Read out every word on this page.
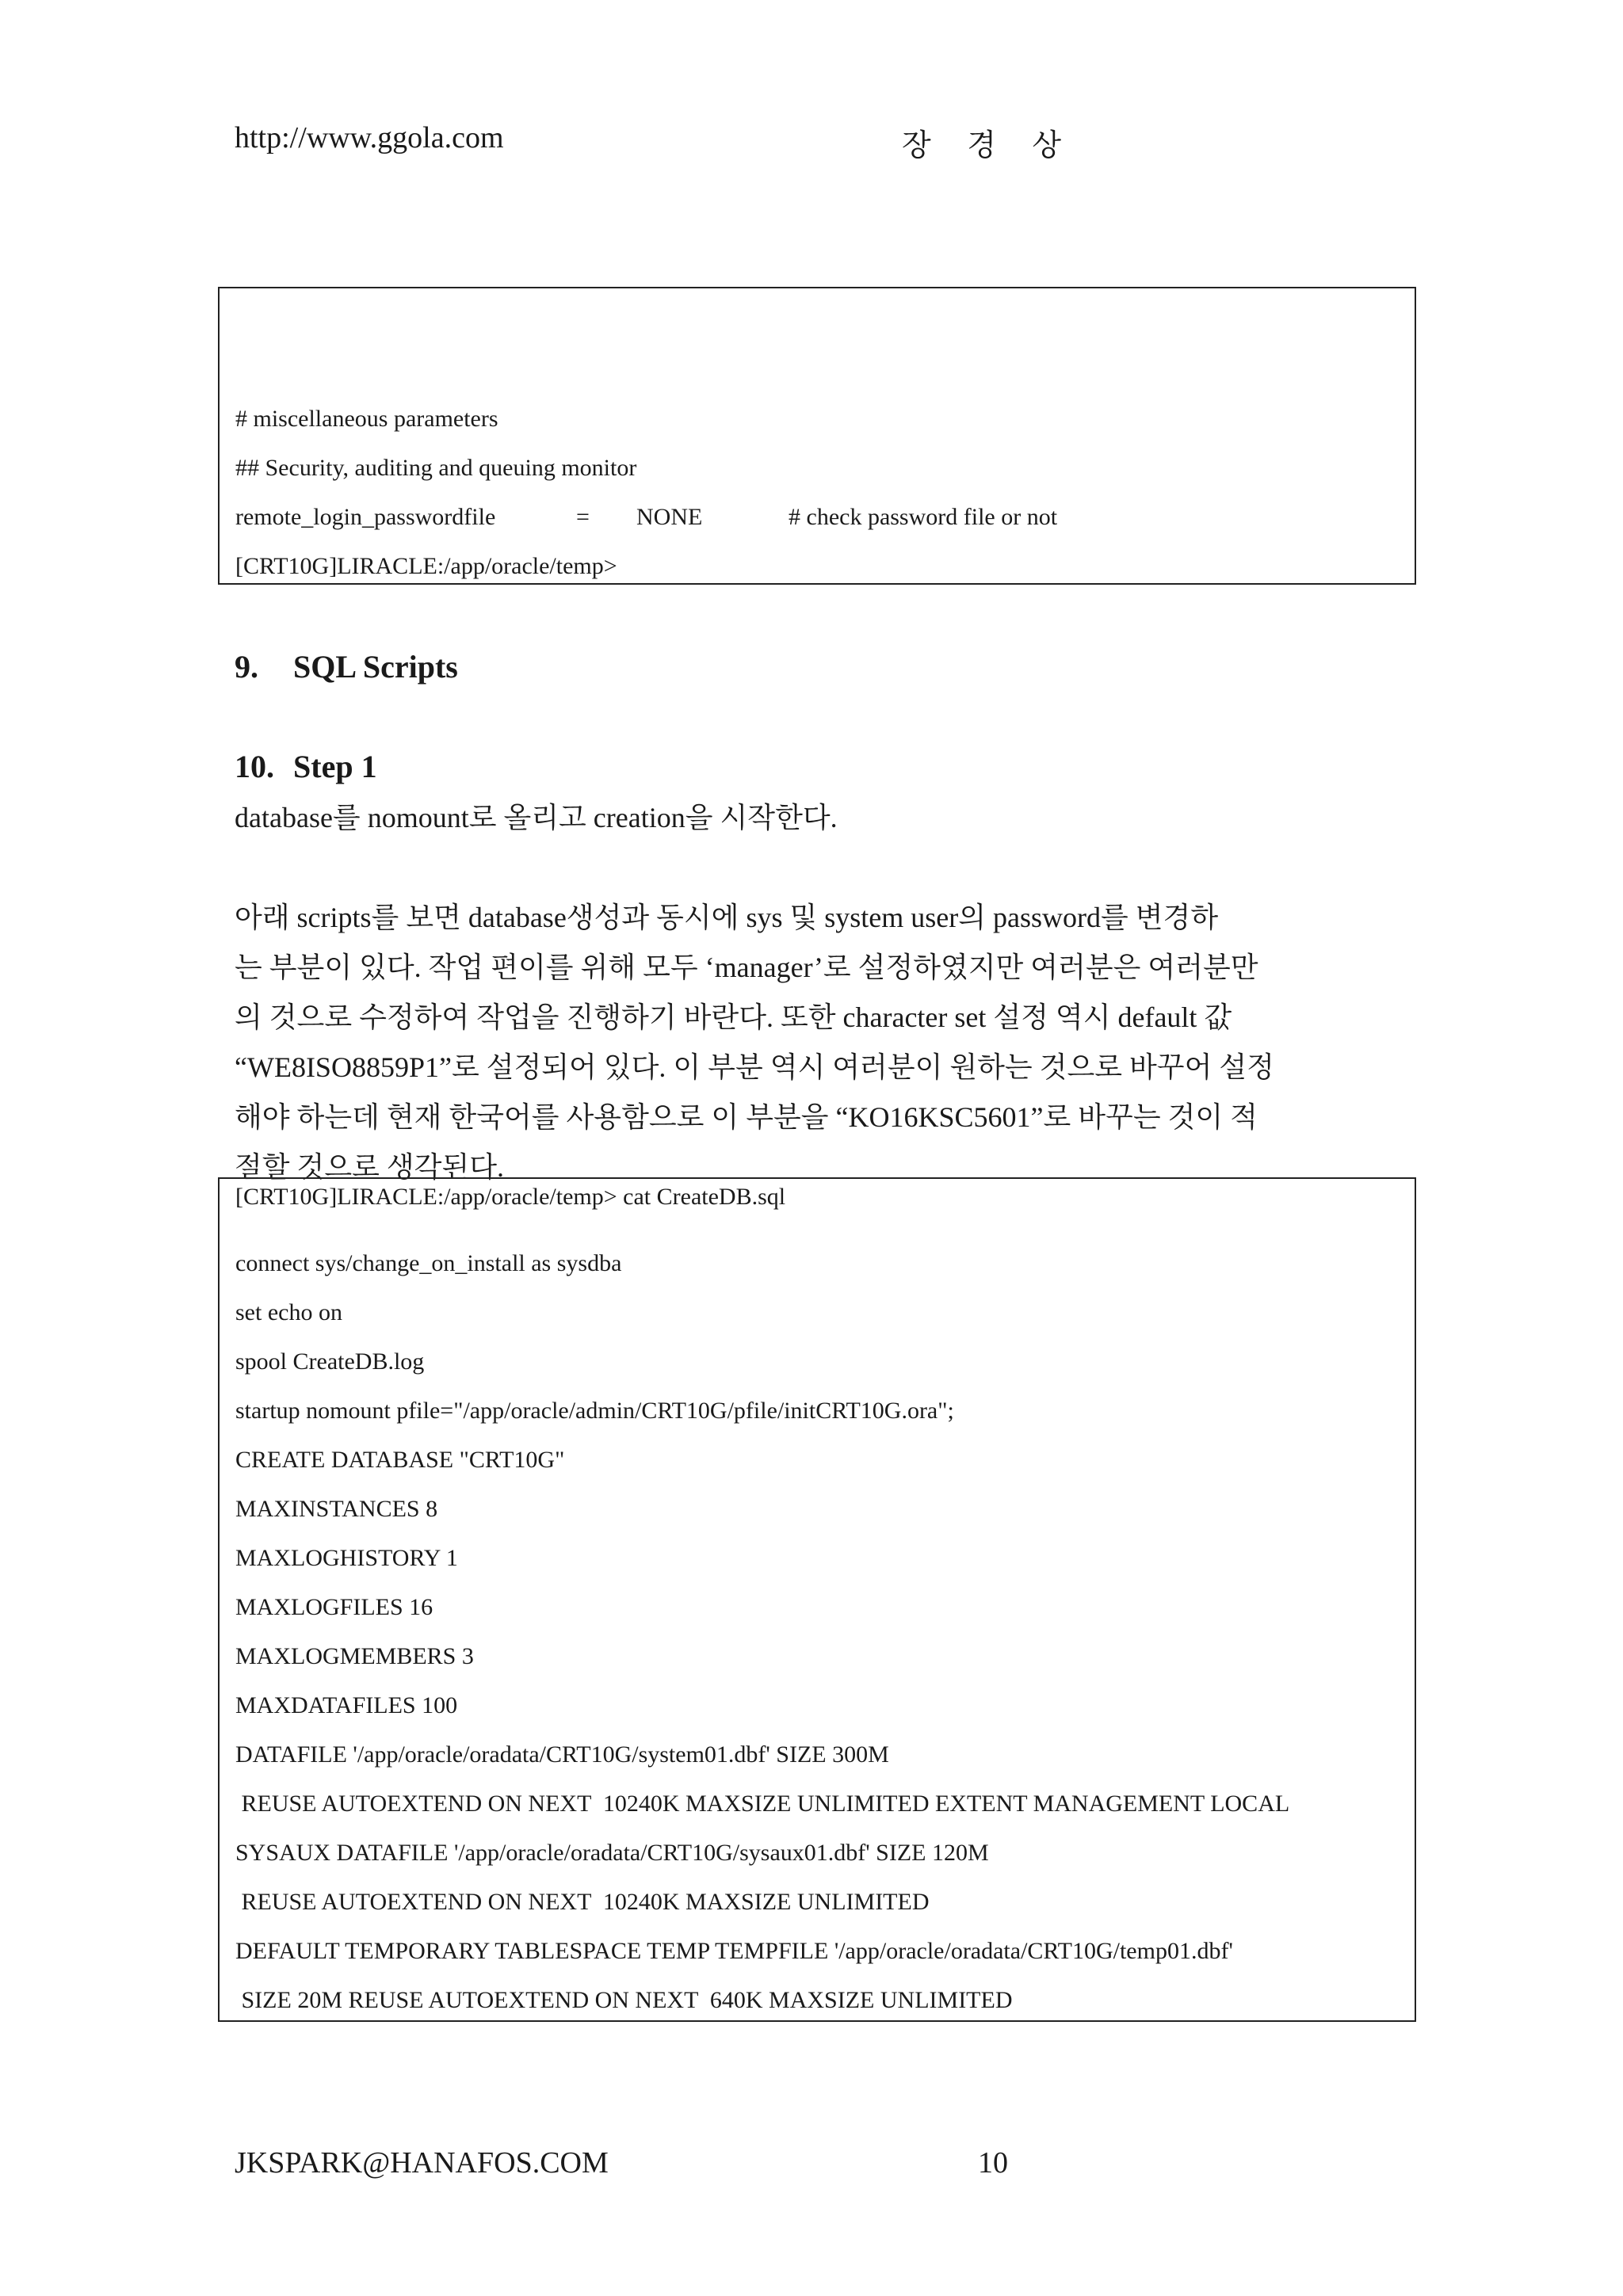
http://www.ggola.com	장 경 상
# miscellaneous parameters
## Security, auditing and queuing monitor

remote_login_passwordfile

	=

NONE

	# check password file or not

[CRT10G]LIRACLE:/app/oracle/temp>
9. SQL Scripts
10. Step 1
database를 nomount로 올리고 creation을 시작한다.
아래 scripts를 보면 database생성과 동시에 sys 및 system user의 password를 변경하
는 부분이 있다. 작업 편이를 위해 모두 ‘manager’로 설정하였지만 여러분은 여러분만
의 것으로 수정하여 작업을 진행하기 바란다. 또한 character set 설정 역시 default 값
“WE8ISO8859P1”로 설정되어 있다. 이 부분 역시 여러분이 원하는 것으로 바꾸어 설정
해야 하는데 현재 한국어를 사용함으로 이 부분을 “KO16KSC5601”로 바꾸는 것이 적
절할 것으로 생각된다.
[CRT10G]LIRACLE:/app/oracle/temp> cat CreateDB.sql
connect sys/change_on_install as sysdba
set echo on
spool CreateDB.log
startup nomount pfile="/app/oracle/admin/CRT10G/pfile/initCRT10G.ora";
CREATE DATABASE "CRT10G"
MAXINSTANCES 8
MAXLOGHISTORY 1
MAXLOGFILES 16
MAXLOGMEMBERS 3
MAXDATAFILES 100
DATAFILE '/app/oracle/oradata/CRT10G/system01.dbf' SIZE 300M
REUSE AUTOEXTEND ON NEXT  10240K MAXSIZE UNLIMITED EXTENT MANAGEMENT LOCAL
SYSAUX DATAFILE '/app/oracle/oradata/CRT10G/sysaux01.dbf' SIZE 120M
REUSE AUTOEXTEND ON NEXT  10240K MAXSIZE UNLIMITED
DEFAULT TEMPORARY TABLESPACE TEMP TEMPFILE '/app/oracle/oradata/CRT10G/temp01.dbf'
SIZE 20M REUSE AUTOEXTEND ON NEXT  640K MAXSIZE UNLIMITED
JKSPARK@HANAFOS.COM	10
